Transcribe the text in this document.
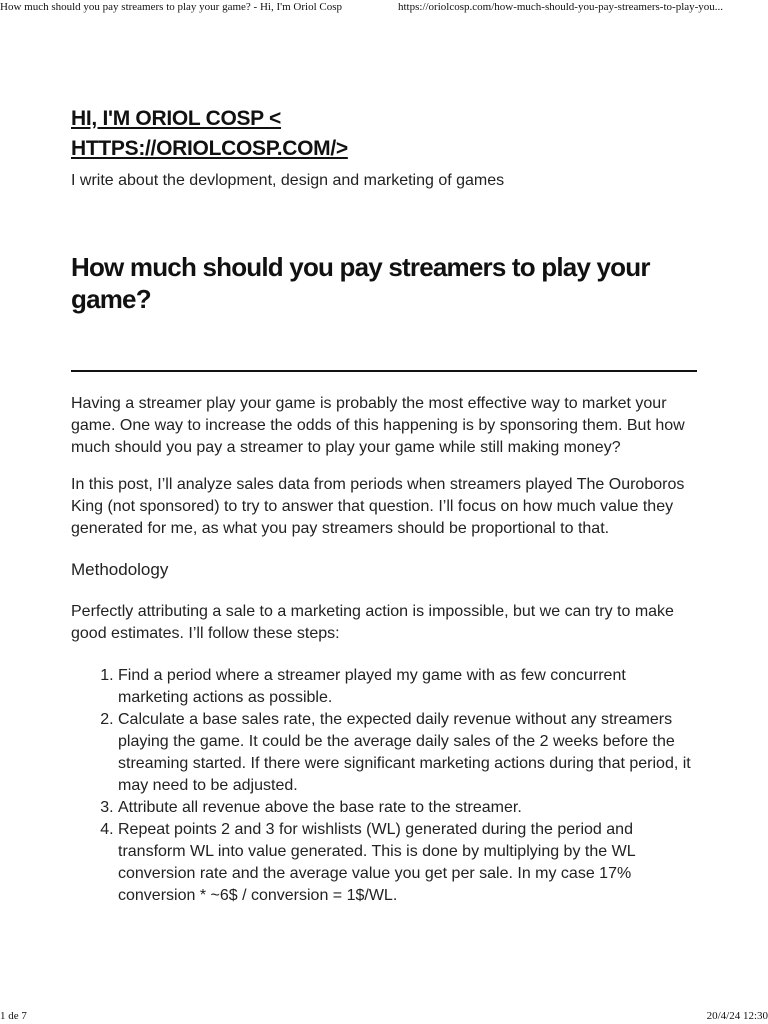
How much should you pay streamers to play your game? - Hi, I'm Oriol Cosp	https://oriolcosp.com/how-much-should-you-pay-streamers-to-play-you...
HI, I'M ORIOL COSP < HTTPS://ORIOLCOSP.COM/>

I write about the devlopment, design and marketing of games

How much should you pay streamers to play your game?

Having a streamer play your game is probably the most effective way to market your game. One way to increase the odds of this happening is by sponsoring them. But how much should you pay a streamer to play your game while still making money?

In this post, I’ll analyze sales data from periods when streamers played The Ouroboros King (not sponsored) to try to answer that question. I’ll focus on how much value they generated for me, as what you pay streamers should be proportional to that.

Methodology

Perfectly attributing a sale to a marketing action is impossible, but we can try to make good estimates. I’ll follow these steps:

1. Find a period where a streamer played my game with as few concurrent marketing actions as possible.
2. Calculate a base sales rate, the expected daily revenue without any streamers playing the game. It could be the average daily sales of the 2 weeks before the streaming started. If there were significant marketing actions during that period, it may need to be adjusted.
3. Attribute all revenue above the base rate to the streamer.
4. Repeat points 2 and 3 for wishlists (WL) generated during the period and transform WL into value generated. This is done by multiplying by the WL conversion rate and the average value you get per sale. In my case 17% conversion * ~6$ / conversion = 1$/WL.
1 de 7	20/4/24 12:30
